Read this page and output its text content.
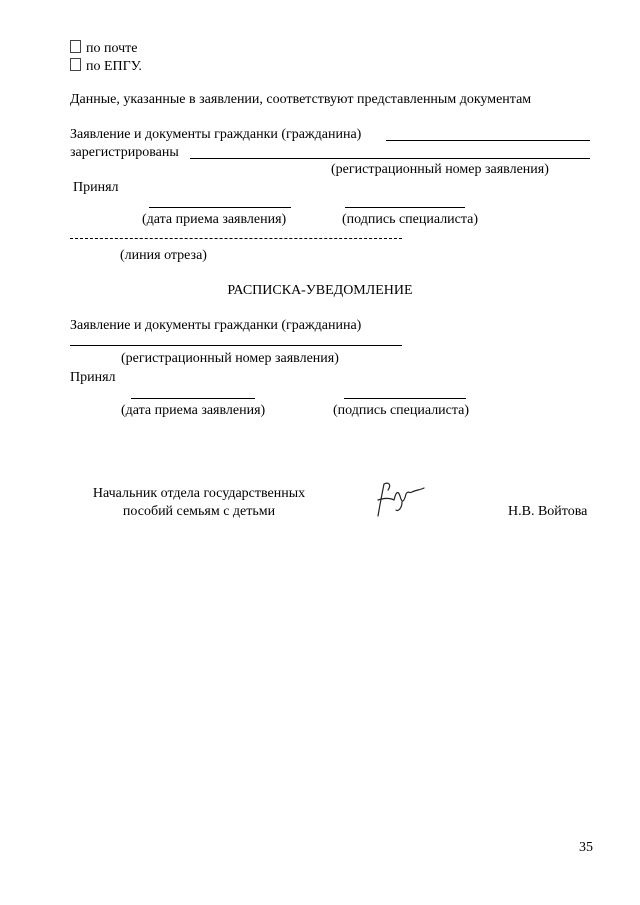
по почте
по ЕПГУ.
Данные, указанные в заявлении, соответствуют представленным документам
Заявление и документы гражданки (гражданина)
зарегистрированы
(регистрационный номер заявления)
Принял
(дата приема заявления)	(подпись специалиста)
(линия отреза)
РАСПИСКА-УВЕДОМЛЕНИЕ
Заявление и документы гражданки (гражданина)
(регистрационный номер заявления)
Принял
(дата приема заявления)	(подпись специалиста)
Начальник отдела государственных
пособий семьям с детьми	Н.В. Войтова
35
